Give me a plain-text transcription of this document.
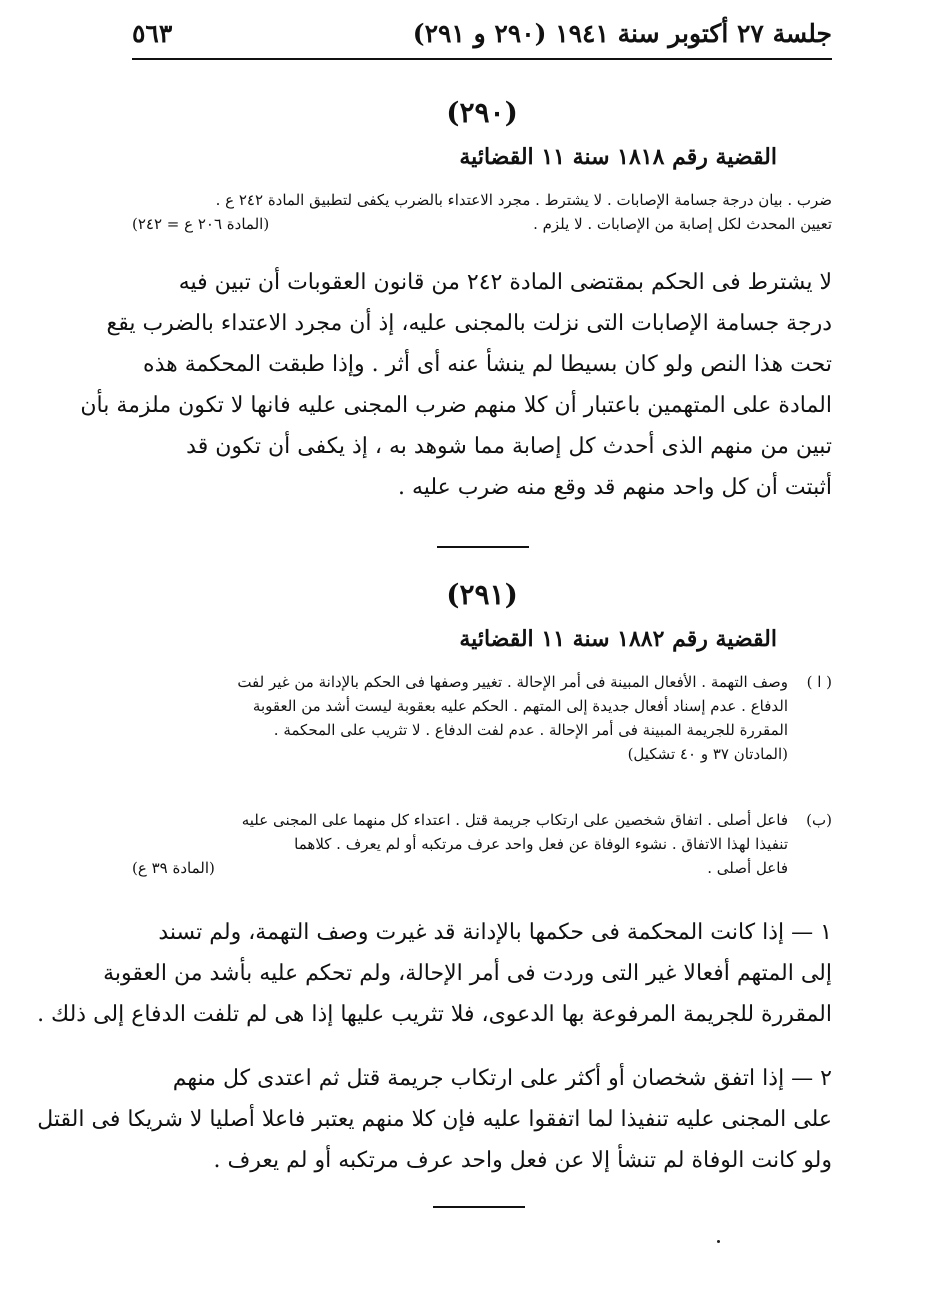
جلسة ٢٧ أكتوبر سنة ١٩٤١ (٢٩٠ و ٢٩١)
٥٦٣
(٢٩٠)
القضية رقم ١٨١٨ سنة ١١ القضائية
ضرب . بيان درجة جسامة الإصابات . لا يشترط . مجرد الاعتداء بالضرب يكفى لتطبيق المادة ٢٤٢ ع .
تعيين المحدث لكل إصابة من الإصابات . لا يلزم .
(المادة ٢٠٦ ع = ٢٤٢)
لا يشترط فى الحكم بمقتضى المادة ٢٤٢ من قانون العقوبات أن تبين فيه
درجة جسامة الإصابات التى نزلت بالمجنى عليه، إذ أن مجرد الاعتداء بالضرب يقع
تحت هذا النص ولو كان بسيطا لم ينشأ عنه أى أثر . وإذا طبقت المحكمة هذه
المادة على المتهمين باعتبار أن كلا منهم ضرب المجنى عليه فانها لا تكون ملزمة بأن
تبين من منهم الذى أحدث كل إصابة مما شوهد به ، إذ يكفى أن تكون قد
أثبتت أن كل واحد منهم قد وقع منه ضرب عليه .
(٢٩١)
القضية رقم ١٨٨٢ سنة ١١ القضائية
( ا )وصف التهمة . الأفعال المبينة فى أمر الإحالة . تغيير وصفها فى الحكم بالإدانة من غير لفت
الدفاع . عدم إسناد أفعال جديدة إلى المتهم . الحكم عليه بعقوبة ليست أشد من العقوبة
المقررة للجريمة المبينة فى أمر الإحالة . عدم لفت الدفاع . لا تثريب على المحكمة .
(المادتان ٣٧ و ٤٠ تشكيل)
(ب)فاعل أصلى . اتفاق شخصين على ارتكاب جريمة قتل . اعتداء كل منهما على المجنى عليه
تنفيذا لهذا الاتفاق . نشوء الوفاة عن فعل واحد عرف مرتكبه أو لم يعرف . كلاهما
فاعل أصلى .
(المادة ٣٩ ع)
١ — إذا كانت المحكمة فى حكمها بالإدانة قد غيرت وصف التهمة، ولم تسند
إلى المتهم أفعالا غير التى وردت فى أمر الإحالة، ولم تحكم عليه بأشد من العقوبة
المقررة للجريمة المرفوعة بها الدعوى، فلا تثريب عليها إذا هى لم تلفت الدفاع إلى ذلك .
٢ — إذا اتفق شخصان أو أكثر على ارتكاب جريمة قتل ثم اعتدى كل منهم
على المجنى عليه تنفيذا لما اتفقوا عليه فإن كلا منهم يعتبر فاعلا أصليا لا شريكا فى القتل
ولو كانت الوفاة لم تنشأ إلا عن فعل واحد عرف مرتكبه أو لم يعرف .
